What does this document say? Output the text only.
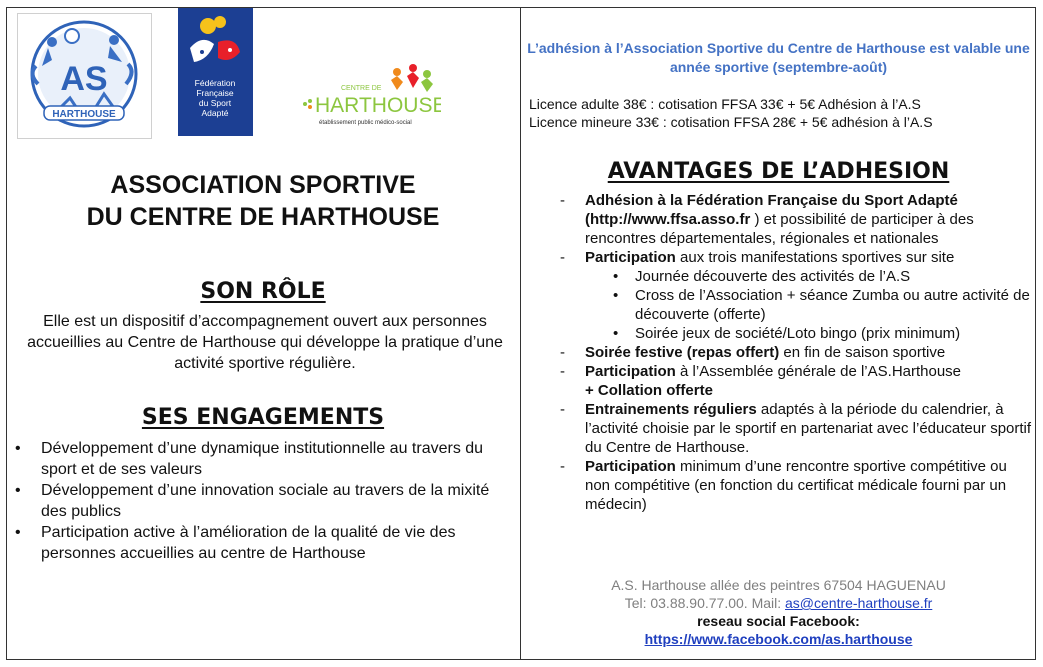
AS
HARTHOUSE
Fédération
Française
du Sport
Adapté
CENTRE DE
HARTHOUSE
établissement public médico-social
ASSOCIATION SPORTIVE
DU CENTRE DE HARTHOUSE
SON RÔLE
Elle est un dispositif d’accompagnement ouvert aux personnes accueillies au Centre de Harthouse qui développe la pratique d’une activité sportive régulière.
SES ENGAGEMENTS
• Développement d’une dynamique institutionnelle au travers du sport et de ses valeurs
• Développement d’une innovation sociale au travers de la mixité des publics
• Participation active à l’amélioration de la qualité de vie des personnes accueillies au centre de Harthouse
L’adhésion à l’Association Sportive du Centre de Harthouse est valable une année sportive (septembre-août)
Licence adulte 38€ : cotisation FFSA 33€ + 5€ Adhésion à l’A.S
Licence mineure 33€ : cotisation FFSA 28€ + 5€ adhésion à l’A.S
AVANTAGES DE L’ADHESION
- Adhésion à la Fédération Française du Sport Adapté (http://www.ffsa.asso.fr ) et possibilité de participer à des rencontres départementales, régionales et nationales
- Participation aux trois manifestations sportives sur site
• Journée découverte des activités de l’A.S
• Cross de l’Association + séance Zumba ou autre activité de découverte (offerte)
• Soirée jeux de société/Loto bingo (prix minimum)
- Soirée festive (repas offert) en fin de saison sportive
- Participation à l’Assemblée générale de l’AS.Harthouse
+ Collation offerte
- Entrainements réguliers adaptés à la période du calendrier, à l’activité choisie par le sportif en partenariat avec l’éducateur sportif du Centre de Harthouse.
- Participation minimum d’une rencontre sportive compétitive ou non compétitive (en fonction du certificat médicale fourni par un médecin)
A.S. Harthouse allée des peintres 67504 HAGUENAU
Tel: 03.88.90.77.00. Mail: as@centre-harthouse.fr
reseau social Facebook:
https://www.facebook.com/as.harthouse
